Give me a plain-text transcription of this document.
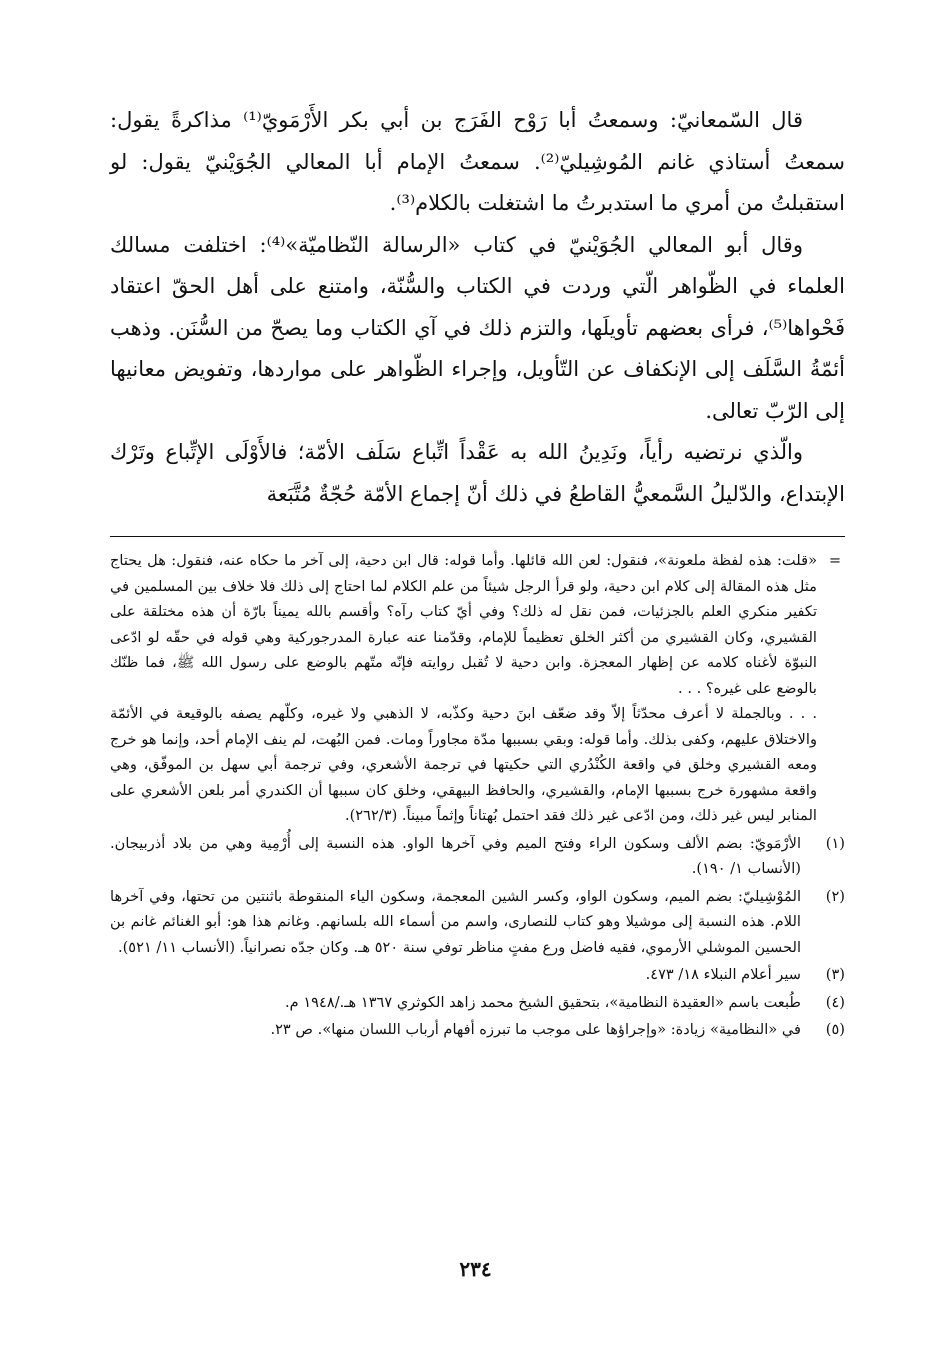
قال السّمعانيّ: وسمعتُ أبا رَوْح الفَرَج بن أبي بكر الأَرْمَويّ⁽¹⁾ مذاكرةً يقول: سمعتُ أستاذي غانم المُوشِيليّ⁽²⁾. سمعتُ الإمام أبا المعالي الجُوَيْنيّ يقول: لو استقبلتُ من أمري ما استدبرتُ ما اشتغلت بالكلام⁽³⁾.

وقال أبو المعالي الجُوَيْنيّ في كتاب «الرسالة النّظاميّة»⁽⁴⁾: اختلفت مسالك العلماء في الظّواهر الّتي وردت في الكتاب والسُّنّة، وامتنع على أهل الحقّ اعتقاد فَحْواها⁽⁵⁾، فرأى بعضهم تأويلَها، والتزم ذلك في آي الكتاب وما يصحّ من السُّنَن. وذهب أئمّةُ السَّلَف إلى الإنكفاف عن التّأويل، وإجراء الظّواهر على مواردها، وتفويض معانيها إلى الرّبّ تعالى.

والّذي نرتضيه رأياً، ونَدِينُ الله به عَقْداً اتِّباع سَلَف الأمّة؛ فالأَوْلَى الإتِّباع وتَرْك الإبتداع، والدّليلُ السَّمعيُّ القاطعُ في ذلك أنّ إجماع الأمّة حُجّةٌ مُتَّبَعة

=

«قلت: هذه لفظة ملعونة»، فنقول: لعن الله قائلها. وأما قوله: قال ابن دحية، إلى آخر ما حكاه عنه، فنقول: هل يحتاج مثل هذه المقالة إلى كلام ابن دحية، ولو قرأ الرجل شيئاً من علم الكلام لما احتاج إلى ذلك فلا خلاف بين المسلمين في تكفير منكري العلم بالجزئيات، فمن نقل له ذلك؟ وفي أيّ كتاب رآه؟ وأقسم بالله يميناً بارّة أن هذه مختلقة على القشيري، وكان القشيري من أكثر الخلق تعظيماً للإمام، وقدّمنا عنه عبارة المدرجوركية وهي قوله في حقّه لو ادّعى النبوّة لأغناه كلامه عن إظهار المعجزة. وابن دحية لا تُقبل روايته فإنّه متّهم بالوضع على رسول الله ﷺ، فما ظنّك بالوضع على غيره؟ . . .

. . . وبالجملة لا أعرف محدّثاً إلاّ وقد ضعّف ابنَ دحية وكذّبه، لا الذهبي ولا غيره، وكلّهم يصفه بالوقيعة في الأئمّة والاختلاق عليهم، وكفى بذلك. وأما قوله: وبقي بسببها مدّة مجاوراً ومات. فمن البُهت، لم ينف الإمام أحد، وإنما هو خرج ومعه القشيري وخلق في واقعة الكُنْدُري التي حكيتها في ترجمة الأشعري، وفي ترجمة أبي سهل بن الموفّق، وهي واقعة مشهورة خرج بسببها الإمام، والقشيري، والحافظ البيهقي، وخلق كان سببها أن الكندري أمر بلعن الأشعري على المنابر ليس غير ذلك، ومن ادّعى غير ذلك فقد احتمل بُهتاناً وإثماً مبيناً. (٢٦٢/٣).

(١)
الأرْمَويّ: بضم الألف وسكون الراء وفتح الميم وفي آخرها الواو. هذه النسبة إلى أُرْمِية وهي من بلاد أذربيجان. (الأنساب ١/ ١٩٠).
(٢)
المُوْشِيليّ: بضم الميم، وسكون الواو، وكسر الشين المعجمة، وسكون الياء المنقوطة باثنتين من تحتها، وفي آخرها اللام. هذه النسبة إلى موشيلا وهو كتاب للنصارى، واسم من أسماء الله بلسانهم. وغانم هذا هو: أبو الغنائم غانم بن الحسين الموشلي الأرموي، فقيه فاضل ورع مفتٍ مناظر توفي سنة ٥٢٠ هـ. وكان جدّه نصرانياً. (الأنساب ١١/ ٥٢١).
(٣)
سير أعلام النبلاء ١٨/ ٤٧٣.
(٤)
طُبعت باسم «العقيدة النظامية»، بتحقيق الشيخ محمد زاهد الكوثري ١٣٦٧ هـ./١٩٤٨ م.
(٥)
في «النظامية» زيادة: «وإجراؤها على موجب ما تبرزه أفهام أرباب اللسان منها». ص ٢٣.
٢٣٤
